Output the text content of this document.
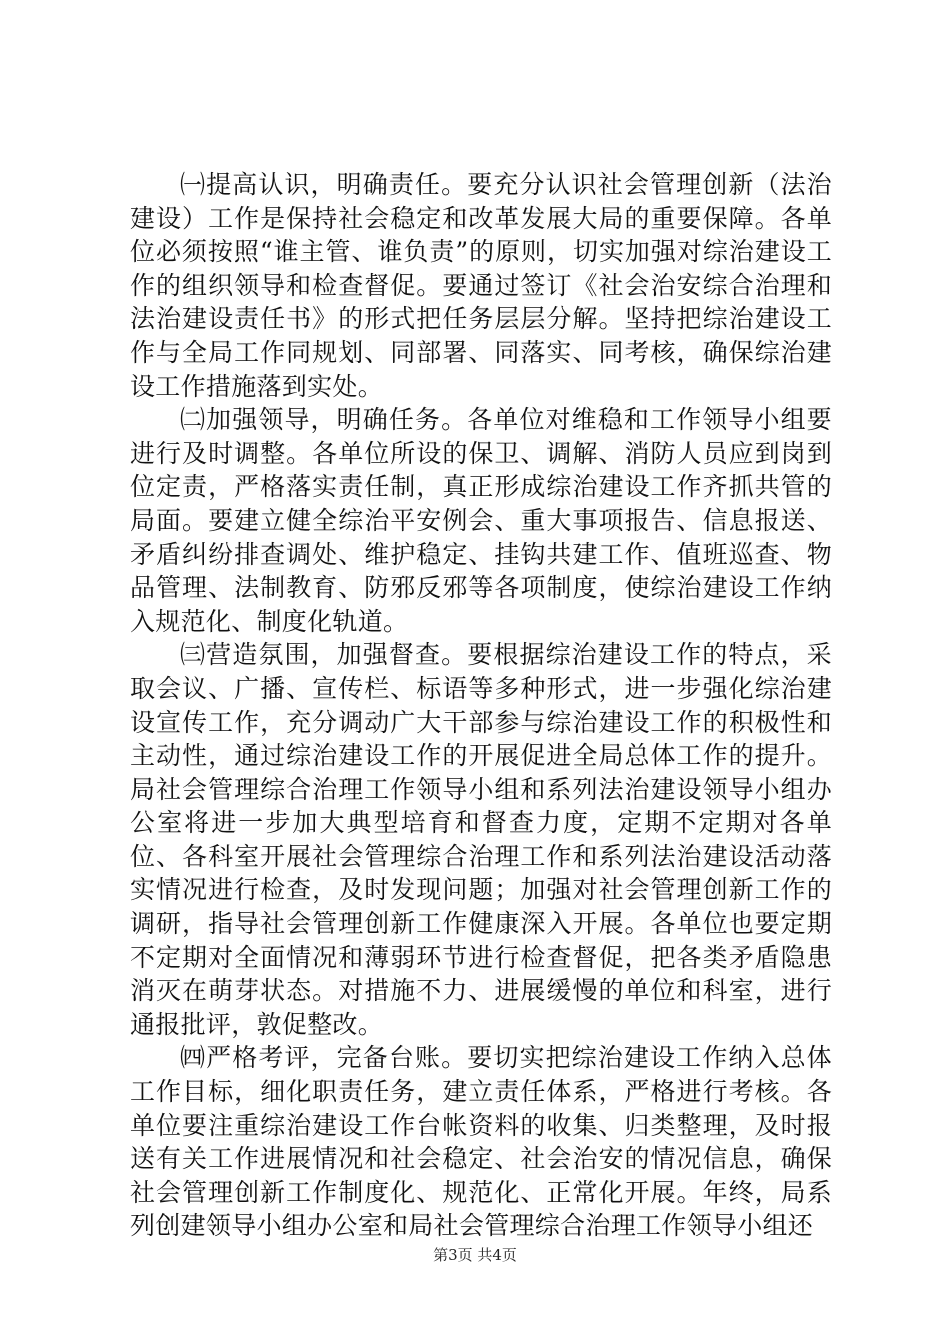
㈠提高认识，明确责任。要充分认识社会管理创新（法治建设）工作是保持社会稳定和改革发展大局的重要保障。各单位必须按照“谁主管、谁负责”的原则，切实加强对综治建设工作的组织领导和检查督促。要通过签订《社会治安综合治理和法治建设责任书》的形式把任务层层分解。坚持把综治建设工作与全局工作同规划、同部署、同落实、同考核，确保综治建设工作措施落到实处。

㈡加强领导，明确任务。各单位对维稳和工作领导小组要进行及时调整。各单位所设的保卫、调解、消防人员应到岗到位定责，严格落实责任制，真正形成综治建设工作齐抓共管的局面。要建立健全综治平安例会、重大事项报告、信息报送、矛盾纠纷排查调处、维护稳定、挂钩共建工作、值班巡查、物品管理、法制教育、防邪反邪等各项制度，使综治建设工作纳入规范化、制度化轨道。

㈢营造氛围，加强督查。要根据综治建设工作的特点，采取会议、广播、宣传栏、标语等多种形式，进一步强化综治建设宣传工作，充分调动广大干部参与综治建设工作的积极性和主动性，通过综治建设工作的开展促进全局总体工作的提升。局社会管理综合治理工作领导小组和系列法治建设领导小组办公室将进一步加大典型培育和督查力度，定期不定期对各单位、各科室开展社会管理综合治理工作和系列法治建设活动落实情况进行检查，及时发现问题；加强对社会管理创新工作的调研，指导社会管理创新工作健康深入开展。各单位也要定期不定期对全面情况和薄弱环节进行检查督促，把各类矛盾隐患消灭在萌芽状态。对措施不力、进展缓慢的单位和科室，进行通报批评，敦促整改。

㈣严格考评，完备台账。要切实把综治建设工作纳入总体工作目标，细化职责任务，建立责任体系，严格进行考核。各单位要注重综治建设工作台帐资料的收集、归类整理，及时报送有关工作进展情况和社会稳定、社会治安的情况信息，确保社会管理创新工作制度化、规范化、正常化开展。年终，局系列创建领导小组办公室和局社会管理综合治理工作领导小组还

第3页 共4页
